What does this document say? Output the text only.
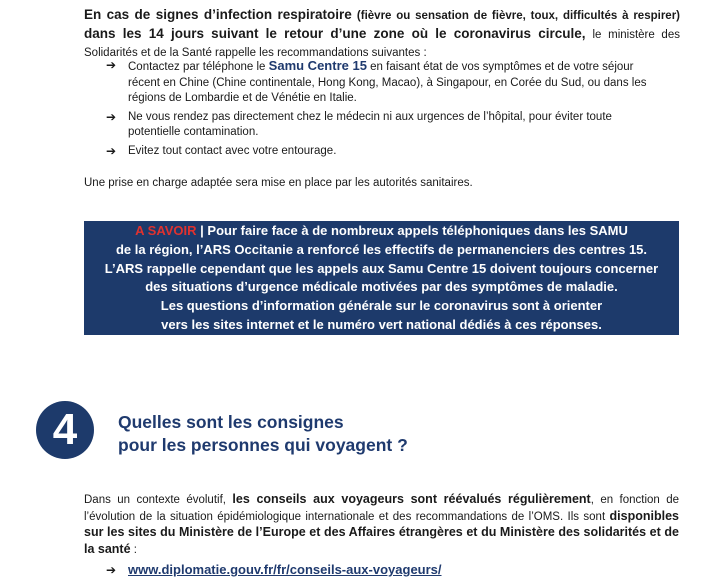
En cas de signes d’infection respiratoire (fièvre ou sensation de fièvre, toux, difficultés à respirer) dans les 14 jours suivant le retour d’une zone où le coronavirus circule, le ministère des Solidarités et de la Santé rappelle les recommandations suivantes :
➔	Contactez par téléphone le Samu Centre 15 en faisant état de vos symptômes et de votre séjour récent en Chine (Chine continentale, Hong Kong, Macao), à Singapour, en Corée du Sud, ou dans les régions de Lombardie et de Vénétie en Italie.
➔	Ne vous rendez pas directement chez le médecin ni aux urgences de l’hôpital, pour éviter toute potentielle contamination.
➔	Evitez tout contact avec votre entourage.
Une prise en charge adaptée sera mise en place par les autorités sanitaires.
A SAVOIR | Pour faire face à de nombreux appels téléphoniques dans les SAMU
de la région, l’ARS Occitanie a renforcé les effectifs de permanenciers des centres 15.
L’ARS rappelle cependant que les appels aux Samu Centre 15 doivent toujours concerner
des situations d’urgence médicale motivées par des symptômes de maladie.
Les questions d’information générale sur le coronavirus sont à orienter
vers les sites internet et le numéro vert national dédiés à ces réponses.
4	Quelles sont les consignes
pour les personnes qui voyagent ?
Dans un contexte évolutif, les conseils aux voyageurs sont réévalués régulièrement, en fonction de l’évolution de la situation épidémiologique internationale et des recommandations de l’OMS. Ils sont disponibles sur les sites du Ministère de l’Europe et des Affaires étrangères et du Ministère des solidarités et de la santé :
➔ www.diplomatie.gouv.fr/fr/conseils-aux-voyageurs/
